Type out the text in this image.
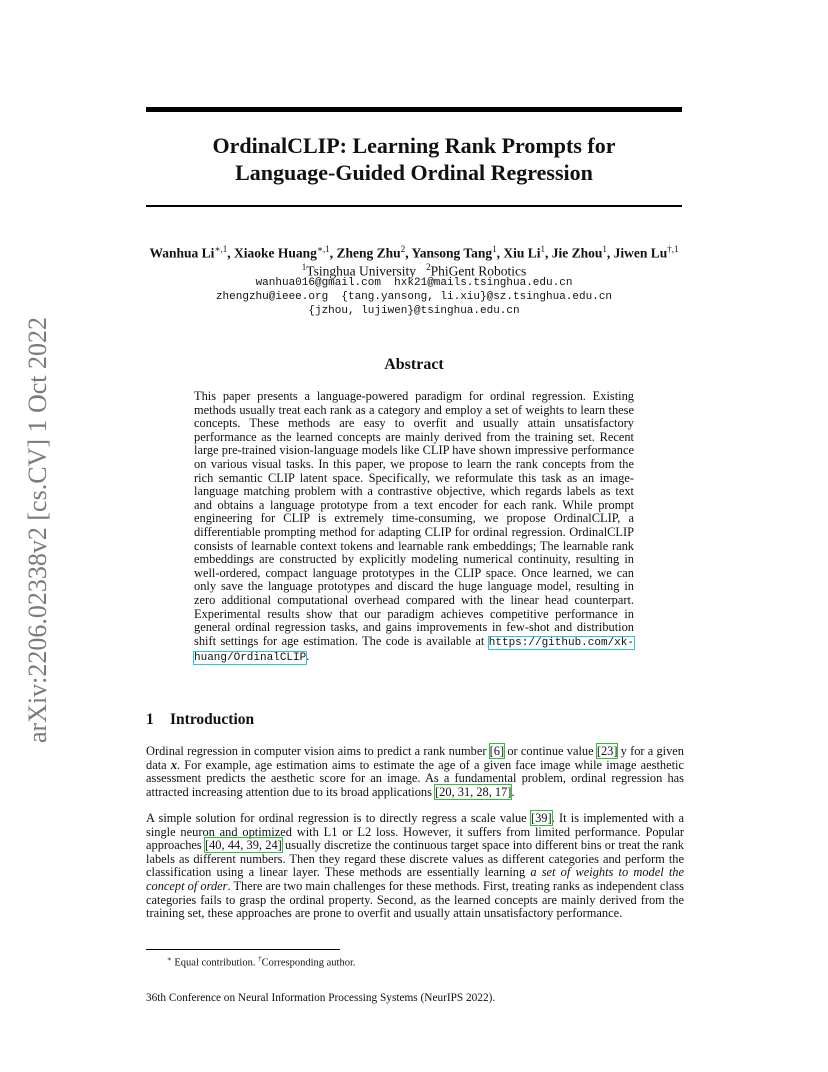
arXiv:2206.02338v2 [cs.CV] 1 Oct 2022
OrdinalCLIP: Learning Rank Prompts for
Language-Guided Ordinal Regression
Wanhua $Li^{∗,1}$, Xiaoke Huang$^{∗,1}$, Zheng Zhu$^2$, Yansong Tang$^1$, Xiu Li$^1$, Jie Zhou$^1$, Jiwen $Lu^{\dagger,1}$
$^1$Tsinghua University $^2$PhiGent Robotics
wanhua016@gmail.com  hxk21@mails.tsinghua.edu.cn
zhengzhu@ieee.org  {tang.yansong, li.xiu}@sz.tsinghua.edu.cn
{jzhou, lujiwen}@tsinghua.edu.cn
Abstract
This paper presents a language-powered paradigm for ordinal regression. Existing methods usually treat each rank as a category and employ a set of weights to learn these concepts. These methods are easy to overfit and usually attain unsatisfactory performance as the learned concepts are mainly derived from the training set. Recent large pre-trained vision-language models like CLIP have shown impressive performance on various visual tasks. In this paper, we propose to learn the rank concepts from the rich semantic CLIP latent space. Specifically, we reformulate this task as an image-language matching problem with a contrastive objective, which regards labels as text and obtains a language prototype from a text encoder for each rank. While prompt engineering for CLIP is extremely time-consuming, we propose OrdinalCLIP, a differentiable prompting method for adapting CLIP for ordinal regression. OrdinalCLIP consists of learnable context tokens and learnable rank embeddings; The learnable rank embeddings are constructed by explicitly modeling numerical continuity, resulting in well-ordered, compact language prototypes in the CLIP space. Once learned, we can only save the language prototypes and discard the huge language model, resulting in zero additional computational overhead compared with the linear head counterpart. Experimental results show that our paradigm achieves competitive performance in general ordinal regression tasks, and gains improvements in few-shot and distribution shift settings for age estimation. The code is available at https://github.com/xk-huang/OrdinalCLIP.
1 Introduction
Ordinal regression in computer vision aims to predict a rank number [6] or continue value [23] y for a given data x. For example, age estimation aims to estimate the age of a given face image while image aesthetic assessment predicts the aesthetic score for an image. As a fundamental problem, ordinal regression has attracted increasing attention due to its broad applications [20, 31, 28, 17].
A simple solution for ordinal regression is to directly regress a scale value [39]. It is implemented with a single neuron and optimized with L1 or L2 loss. However, it suffers from limited performance. Popular approaches [40, 44, 39, 24] usually discretize the continuous target space into different bins or treat the rank labels as different numbers. Then they regard these discrete values as different categories and perform the classification using a linear layer. These methods are essentially learning a set of weights to model the concept of order. There are two main challenges for these methods. First, treating ranks as independent class categories fails to grasp the ordinal property. Second, as the learned concepts are mainly derived from the training set, these approaches are prone to overfit and usually attain unsatisfactory performance.
∗ Equal contribution. †Corresponding author.
36th Conference on Neural Information Processing Systems (NeurIPS 2022).
